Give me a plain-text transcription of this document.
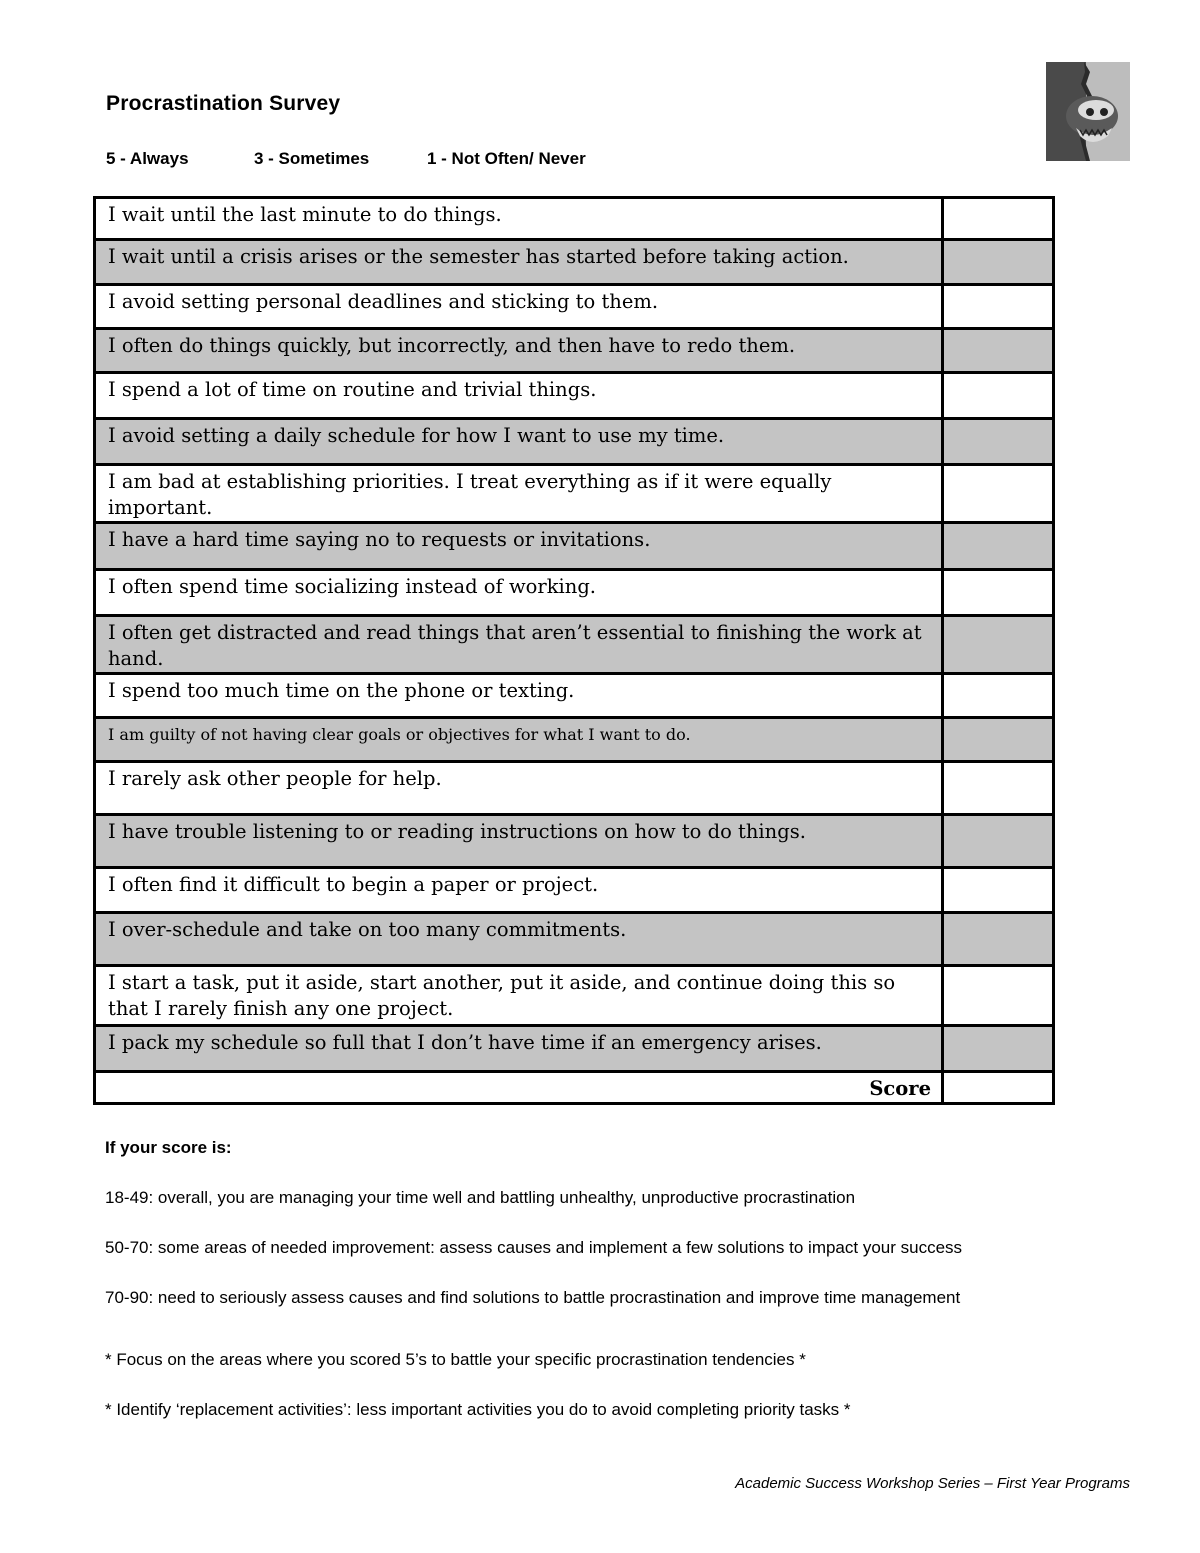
Procrastination Survey
5 - Always	3 - Sometimes	1 - Not Often/ Never
I wait until the last minute to do things.	
I wait until a crisis arises or the semester has started before taking action.	
I avoid setting personal deadlines and sticking to them.	
I often do things quickly, but incorrectly, and then have to redo them.	
I spend a lot of time on routine and trivial things.	
I avoid setting a daily schedule for how I want to use my time.	
I am bad at establishing priorities. I treat everything as if it were equally important.	
I have a hard time saying no to requests or invitations.	
I often spend time socializing instead of working.	
I often get distracted and read things that aren’t essential to finishing the work at hand.	
I spend too much time on the phone or texting.	
I am guilty of not having clear goals or objectives for what I want to do.	
I rarely ask other people for help.	
I have trouble listening to or reading instructions on how to do things.	
I often find it difficult to begin a paper or project.	
I over-schedule and take on too many commitments.	
I start a task, put it aside, start another, put it aside, and continue doing this so that I rarely finish any one project.	
I pack my schedule so full that I don’t have time if an emergency arises.	
Score	

If your score is:

18-49: overall, you are managing your time well and battling unhealthy, unproductive procrastination

50-70: some areas of needed improvement: assess causes and implement a few solutions to impact your success

70-90: need to seriously assess causes and find solutions to battle procrastination and improve time management

* Focus on the areas where you scored 5’s to battle your specific procrastination tendencies *

* Identify ‘replacement activities’: less important activities you do to avoid completing priority tasks *

Academic Success Workshop Series – First Year Programs
